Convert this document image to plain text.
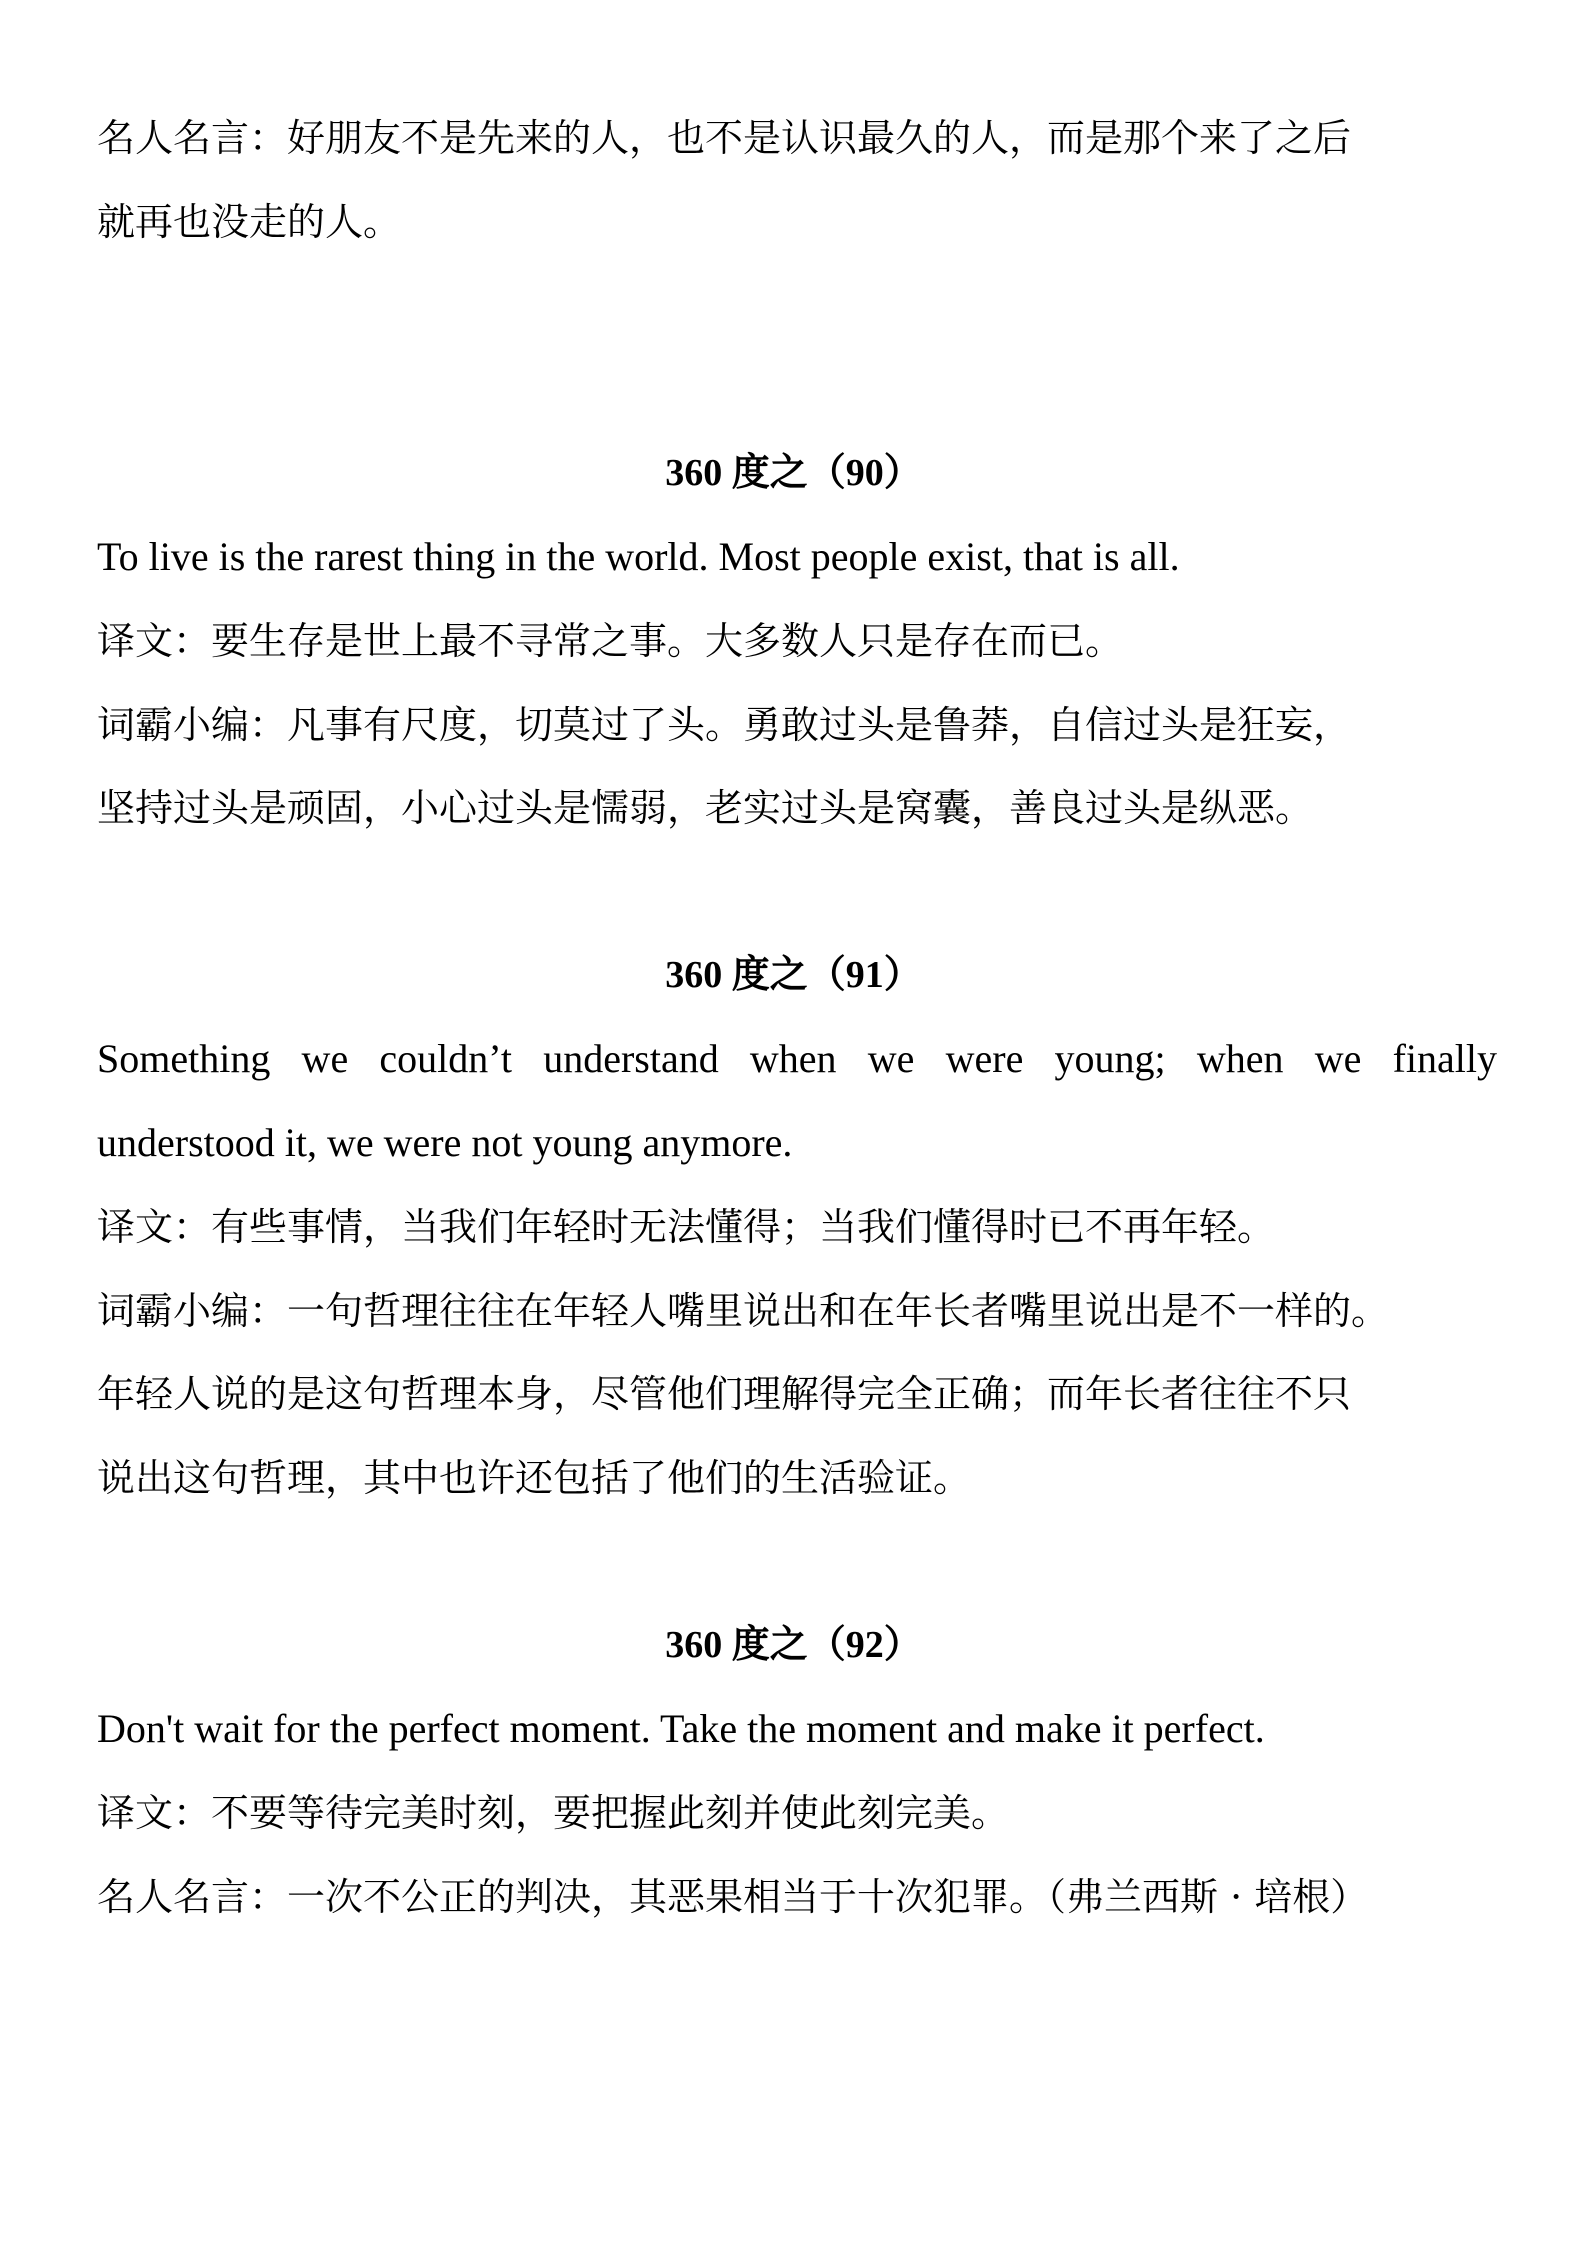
名人名言：好朋友不是先来的人，也不是认识最久的人，而是那个来了之后
就再也没走的人。
360 度之（90）
To live is the rarest thing in the world. Most people exist, that is all.
译文：要生存是世上最不寻常之事。大多数人只是存在而已。
词霸小编：凡事有尺度，切莫过了头。勇敢过头是鲁莽，自信过头是狂妄，
坚持过头是顽固，小心过头是懦弱，老实过头是窝囊，善良过头是纵恶。
360 度之（91）
Something we couldn’t understand when we were young; when we finally
understood it, we were not young anymore.
译文：有些事情，当我们年轻时无法懂得；当我们懂得时已不再年轻。
词霸小编：一句哲理往往在年轻人嘴里说出和在年长者嘴里说出是不一样的。
年轻人说的是这句哲理本身，尽管他们理解得完全正确；而年长者往往不只
说出这句哲理，其中也许还包括了他们的生活验证。
360 度之（92）
Don't wait for the perfect moment. Take the moment and make it perfect.
译文：不要等待完美时刻，要把握此刻并使此刻完美。
名人名言：一次不公正的判决，其恶果相当于十次犯罪。（弗兰西斯 · 培根）
